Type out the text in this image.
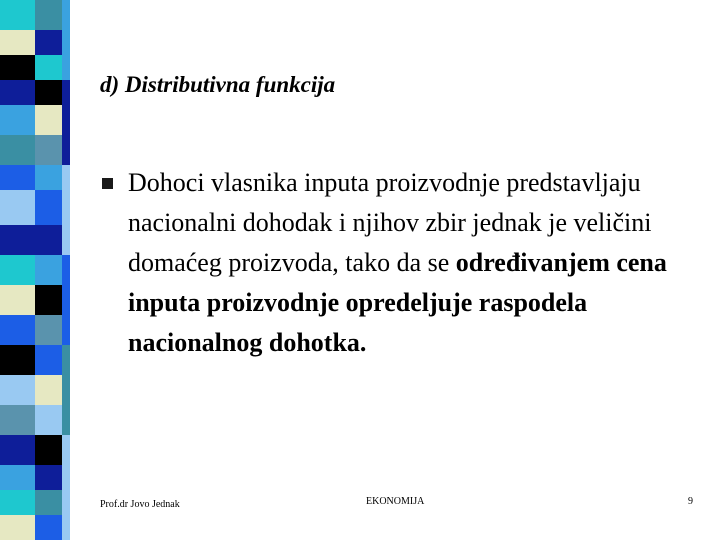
d) Distributivna funkcija

Dohoci vlasnika inputa proizvodnje predstavljaju nacionalni dohodak i njihov zbir jednak je veličini domaćeg proizvoda, tako da se određivanjem cena inputa proizvodnje opredeljuje raspodela nacionalnog dohotka.

Prof.dr Jovo Jednak	EKONOMIJA	9
